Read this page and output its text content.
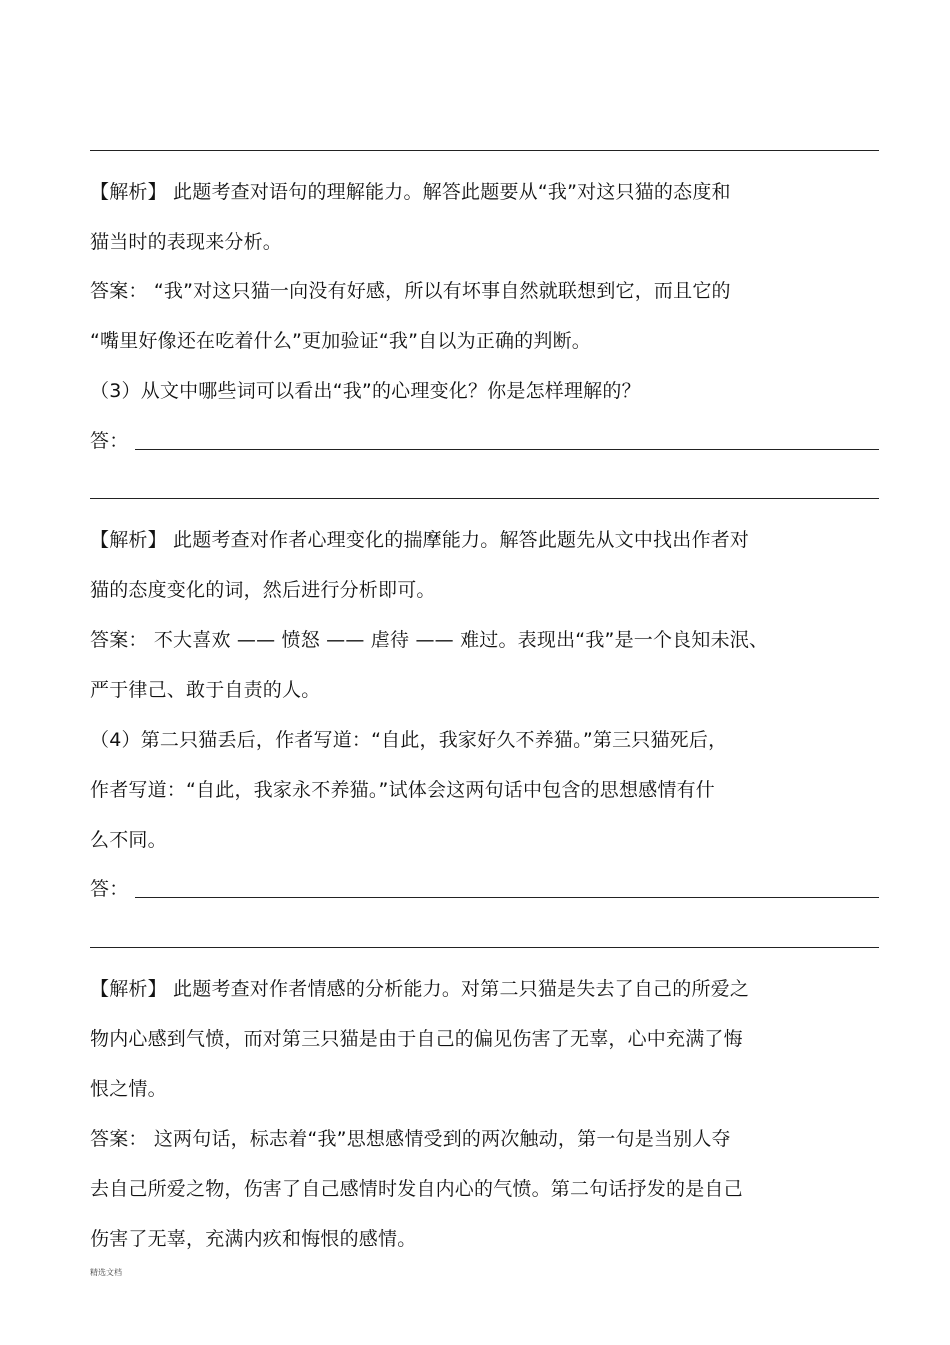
【解析】 此题考查对语句的理解能力。解答此题要从“我”对这只猫的态度和
猫当时的表现来分析。
答案： “我”对这只猫一向没有好感，所以有坏事自然就联想到它，而且它的
“嘴里好像还在吃着什么”更加验证“我”自以为正确的判断。
（3）从文中哪些词可以看出“我”的心理变化？你是怎样理解的？
答：
【解析】 此题考查对作者心理变化的揣摩能力。解答此题先从文中找出作者对
猫的态度变化的词，然后进行分析即可。
答案： 不大喜欢 —— 愤怒 —— 虐待 —— 难过。表现出“我”是一个良知未泯、
严于律己、敢于自责的人。
（4）第二只猫丢后，作者写道：“自此，我家好久不养猫。”第三只猫死后，
作者写道：“自此，我家永不养猫。”试体会这两句话中包含的思想感情有什
么不同。
答：
【解析】 此题考查对作者情感的分析能力。对第二只猫是失去了自己的所爱之
物内心感到气愤，而对第三只猫是由于自己的偏见伤害了无辜，心中充满了悔
恨之情。
答案： 这两句话，标志着“我”思想感情受到的两次触动，第一句是当别人夺
去自己所爱之物，伤害了自己感情时发自内心的气愤。第二句话抒发的是自己
伤害了无辜，充满内疚和悔恨的感情。
精选文档
